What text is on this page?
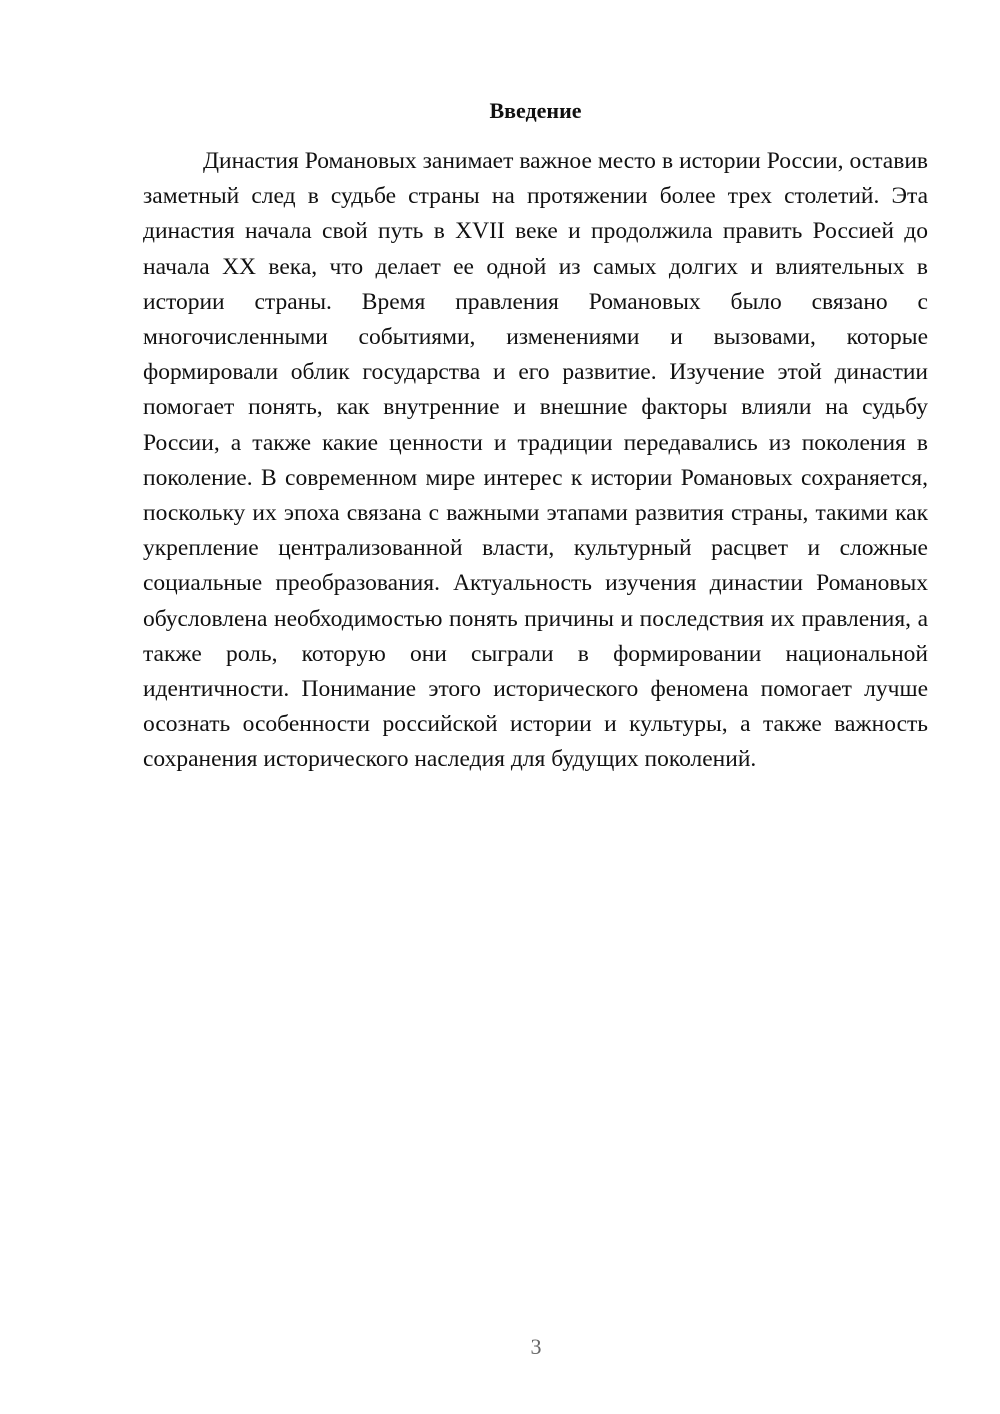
Введение

Династия Романовых занимает важное место в истории России, оставив заметный след в судьбе страны на протяжении более трех столетий. Эта династия начала свой путь в XVII веке и продолжила править Россией до начала XX века, что делает ее одной из самых долгих и влиятельных в истории страны. Время правления Романовых было связано с многочисленными событиями, изменениями и вызовами, которые формировали облик государства и его развитие. Изучение этой династии помогает понять, как внутренние и внешние факторы влияли на судьбу России, а также какие ценности и традиции передавались из поколения в поколение. В современном мире интерес к истории Романовых сохраняется, поскольку их эпоха связана с важными этапами развития страны, такими как укрепление централизованной власти, культурный расцвет и сложные социальные преобразования. Актуальность изучения династии Романовых обусловлена необходимостью понять причины и последствия их правления, а также роль, которую они сыграли в формировании национальной идентичности. Понимание этого исторического феномена помогает лучше осознать особенности российской истории и культуры, а также важность сохранения исторического наследия для будущих поколений.

3
